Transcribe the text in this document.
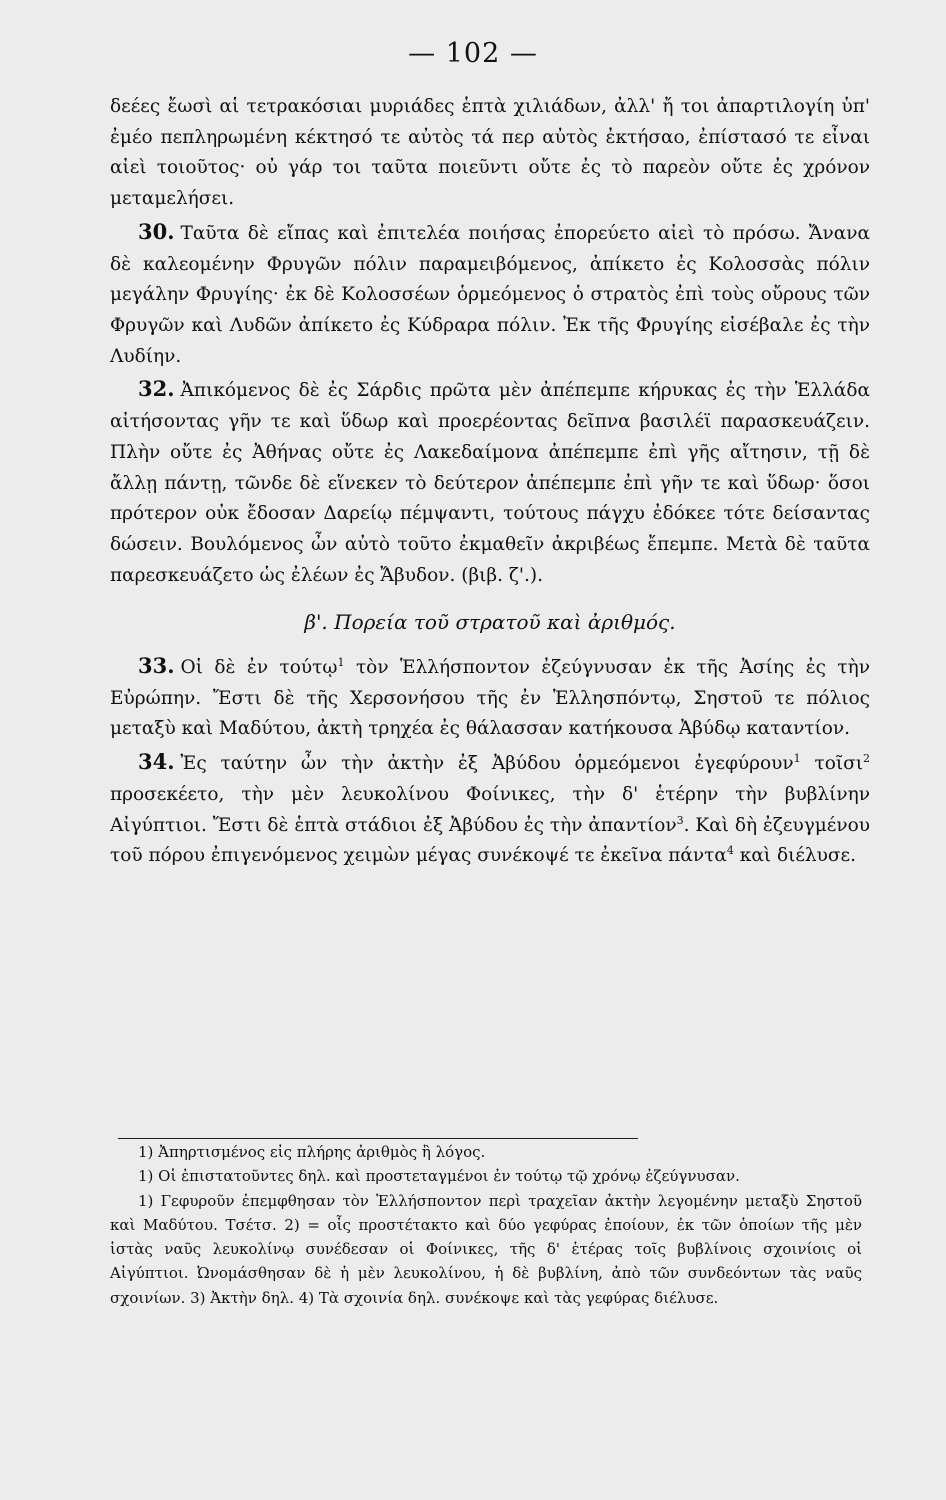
— 102 —

δεέες ἔωσὶ αἱ τετρακόσιαι μυριάδες ἑπτὰ χιλιάδων, ἀλλ' ἤ τοι ἀπαρτιλογίη ὑπ' ἐμέο πεπληρωμένη κέκτησό τε αὐτὸς τά περ αὐτὸς ἐκτήσαο, ἐπίστασό τε εἶναι αἰεὶ τοιοῦτος· οὐ γάρ τοι ταῦτα ποιεῦντι οὔτε ἐς τὸ παρεὸν οὔτε ἐς χρόνον μεταμελήσει.

30. Ταῦτα δὲ εἴπας καὶ ἐπιτελέα ποιήσας ἐπορεύετο αἰεὶ τὸ πρόσω. Ἄνανα δὲ καλεομένην Φρυγῶν πόλιν παραμειβόμενος, ἀπίκετο ἐς Κολοσσὰς πόλιν μεγάλην Φρυγίης· ἐκ δὲ Κολοσσέων ὁρμεόμενος ὁ στρατὸς ἐπὶ τοὺς οὔρους τῶν Φρυγῶν καὶ Λυδῶν ἀπίκετο ἐς Κύδραρα πόλιν. Ἐκ τῆς Φρυγίης εἰσέβαλε ἐς τὴν Λυδίην.

32. Ἀπικόμενος δὲ ἐς Σάρδις πρῶτα μὲν ἀπέπεμπε κήρυκας ἐς τὴν Ἑλλάδα αἰτήσοντας γῆν τε καὶ ὕδωρ καὶ προερέοντας δεῖπνα βασιλέϊ παρασκευάζειν. Πλὴν οὔτε ἐς Ἀθήνας οὔτε ἐς Λακεδαίμονα ἀπέπεμπε ἐπὶ γῆς αἴτησιν, τῇ δὲ ἄλλῃ πάντῃ, τῶνδε δὲ εἵνεκεν τὸ δεύτερον ἀπέπεμπε ἐπὶ γῆν τε καὶ ὕδωρ· ὅσοι πρότερον οὐκ ἔδοσαν Δαρείῳ πέμψαντι, τούτους πάγχυ ἐδόκεε τότε δείσαντας δώσειν. Βουλόμενος ὦν αὐτὸ τοῦτο ἐκμαθεῖν ἀκριβέως ἔπεμπε. Μετὰ δὲ ταῦτα παρεσκευάζετο ὡς ἐλέων ἐς Ἄβυδον. (βιβ. ζ'.).

β'. Πορεία τοῦ στρατοῦ καὶ ἀριθμός.

33. Οἱ δὲ ἐν τούτῳ$^1$ τὸν Ἑλλήσποντον ἐζεύγνυσαν ἐκ τῆς Ἀσίης ἐς τὴν Εὐρώπην. Ἔστι δὲ τῆς Χερσονήσου τῆς ἐν Ἑλλησπόντῳ, Σηστοῦ τε πόλιος μεταξὺ καὶ Μαδύτου, ἀκτὴ τρηχέα ἐς θάλασσαν κατήκουσα Ἀβύδῳ καταντίον.

34. Ἐς ταύτην ὦν τὴν ἀκτὴν ἐξ Ἀβύδου ὁρμεόμενοι ἐγεφύρουν$^1$ τοῖσι$^2$ προσεκέετο, τὴν μὲν λευκολίνου Φοίνικες, τὴν δ' ἑτέρην τὴν βυβλίνην Αἰγύπτιοι. Ἔστι δὲ ἑπτὰ στάδιοι ἐξ Ἀβύδου ἐς τὴν ἀπαντίον$^3$. Καὶ δὴ ἐζευγμένου τοῦ πόρου ἐπιγενόμενος χειμὼν μέγας συνέκοψέ τε ἐκεῖνα πάντα$^4$ καὶ διέλυσε.

1) Ἀπηρτισμένος εἰς πλήρης ἀριθμὸς ἢ λόγος.

1) Οἱ ἐπιστατοῦντες δηλ. καὶ προστεταγμένοι ἐν τούτῳ τῷ χρόνῳ ἐζεύγνυσαν.

1) Γεφυροῦν ἐπεμφθησαν τὸν Ἑλλήσποντον περὶ τραχεῖαν ἀκτὴν λεγομένην μεταξὺ Σηστοῦ καὶ Μαδύτου. Τσέτσ. 2) = οἷς προστέτακτο καὶ δύο γεφύρας ἐποίουν, ἐκ τῶν ὁποίων τῆς μὲν ἱστὰς ναῦς λευκολίνῳ συνέδεσαν οἱ Φοίνικες, τῆς δ' ἑτέρας τοῖς βυβλίνοις σχοινίοις οἱ Αἰγύπτιοι. Ὠνομάσθησαν δὲ ἡ μὲν λευκολίνου, ἡ δὲ βυβλίνη, ἀπὸ τῶν συνδεόντων τὰς ναῦς σχοινίων. 3) Ἀκτὴν δηλ. 4) Τὰ σχοινία δηλ. συνέκοψε καὶ τὰς γεφύρας διέλυσε.
